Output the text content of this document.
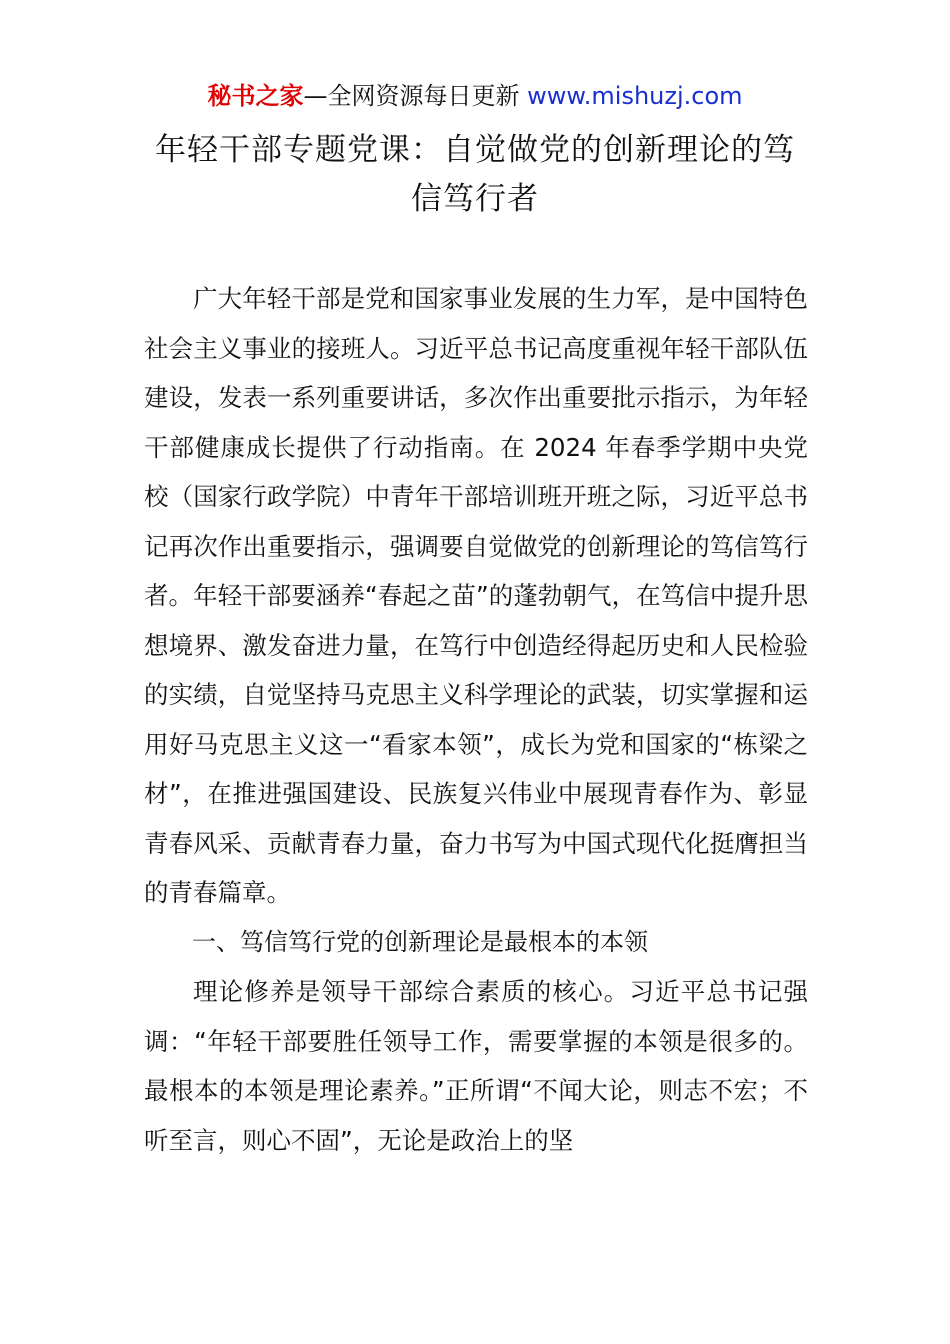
秘书之家—全网资源每日更新 www.mishuzj.com
年轻干部专题党课：自觉做党的创新理论的笃
信笃行者

广大年轻干部是党和国家事业发展的生力军，是中国特色社会主义事业的接班人。习近平总书记高度重视年轻干部队伍建设，发表一系列重要讲话，多次作出重要批示指示，为年轻干部健康成长提供了行动指南。在 2024 年春季学期中央党校（国家行政学院）中青年干部培训班开班之际，习近平总书记再次作出重要指示，强调要自觉做党的创新理论的笃信笃行者。年轻干部要涵养“春起之苗”的蓬勃朝气，在笃信中提升思想境界、激发奋进力量，在笃行中创造经得起历史和人民检验的实绩，自觉坚持马克思主义科学理论的武装，切实掌握和运用好马克思主义这一“看家本领”，成长为党和国家的“栋梁之材”，在推进强国建设、民族复兴伟业中展现青春作为、彰显青春风采、贡献青春力量，奋力书写为中国式现代化挺膺担当的青春篇章。

一、笃信笃行党的创新理论是最根本的本领

理论修养是领导干部综合素质的核心。习近平总书记强调：“年轻干部要胜任领导工作，需要掌握的本领是很多的。最根本的本领是理论素养。”正所谓“不闻大论，则志不宏；不听至言，则心不固”，无论是政治上的坚
